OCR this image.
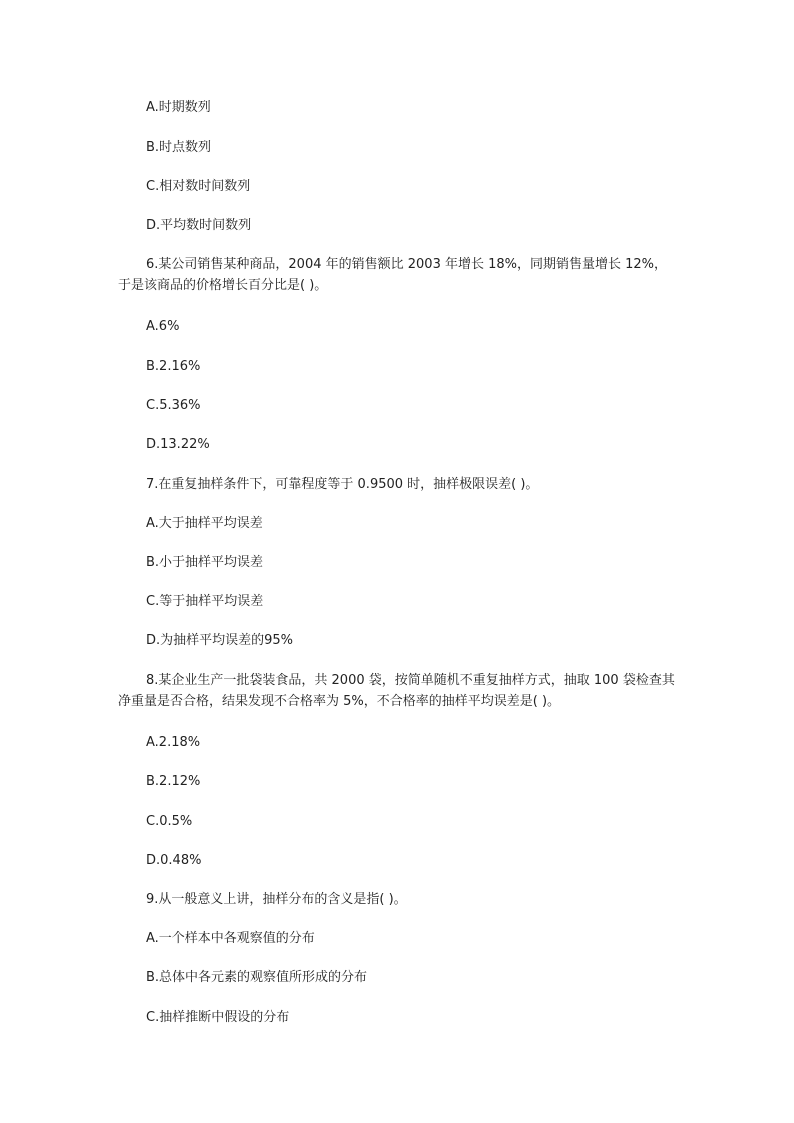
A.时期数列

B.时点数列

C.相对数时间数列

D.平均数时间数列

6.某公司销售某种商品，2004 年的销售额比 2003 年增长 18%，同期销售量增长 12%，于是该商品的价格增长百分比是( )。

A.6%

B.2.16%

C.5.36%

D.13.22%

7.在重复抽样条件下，可靠程度等于 0.9500 时，抽样极限误差( )。

A.大于抽样平均误差

B.小于抽样平均误差

C.等于抽样平均误差

D.为抽样平均误差的95%

8.某企业生产一批袋装食品，共 2000 袋，按简单随机不重复抽样方式，抽取 100 袋检查其净重量是否合格，结果发现不合格率为 5%，不合格率的抽样平均误差是( )。

A.2.18%

B.2.12%

C.0.5%

D.0.48%

9.从一般意义上讲，抽样分布的含义是指( )。

A.一个样本中各观察值的分布

B.总体中各元素的观察值所形成的分布

C.抽样推断中假设的分布
